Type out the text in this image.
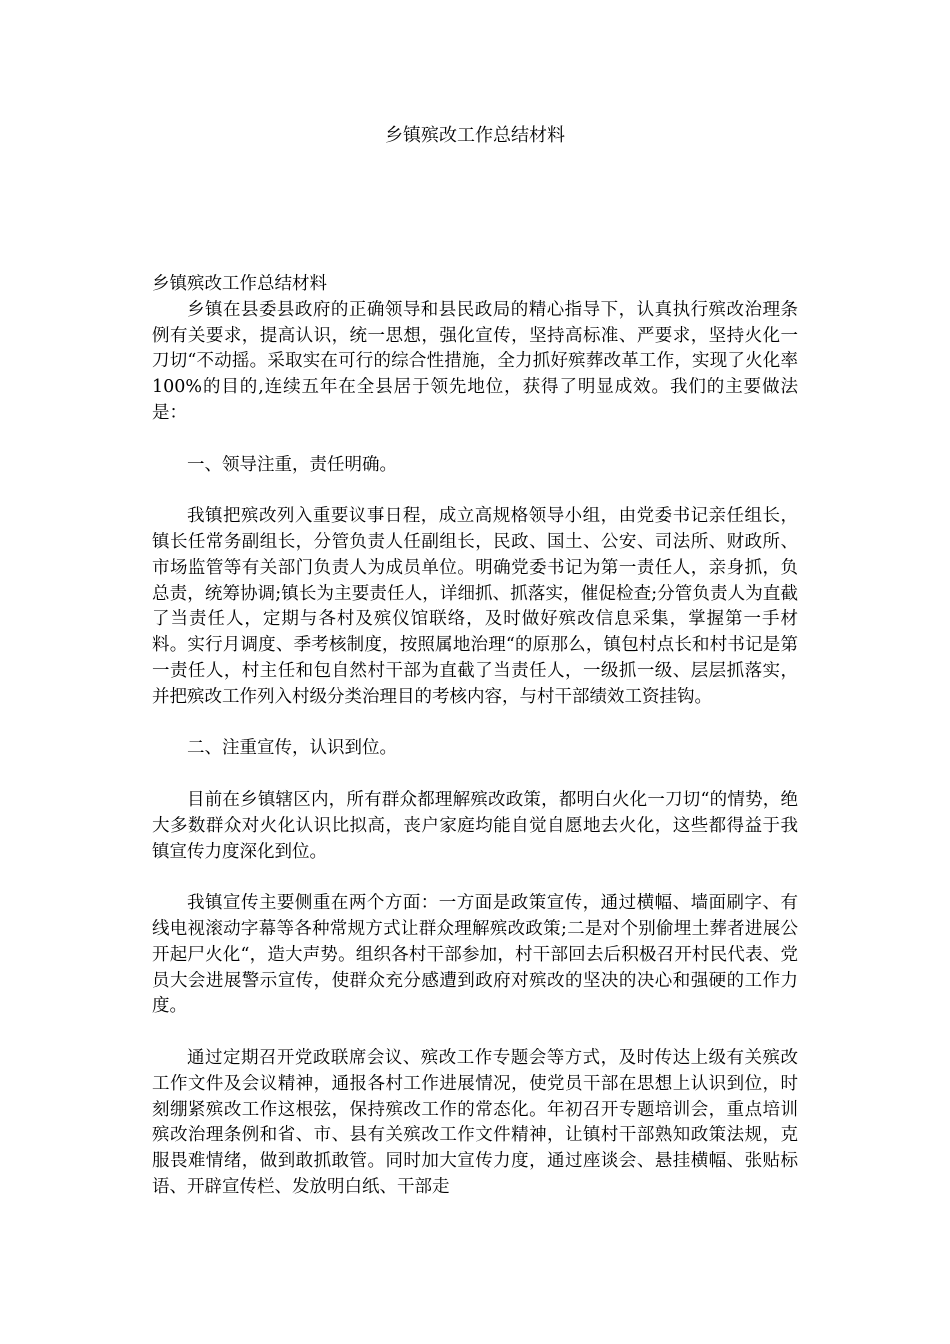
乡镇殡改工作总结材料

乡镇殡改工作总结材料

乡镇在县委县政府的正确领导和县民政局的精心指导下，认真执行殡改治理条例有关要求，提高认识，统一思想，强化宣传，坚持高标准、严要求，坚持火化一刀切“不动摇。采取实在可行的综合性措施，全力抓好殡葬改革工作，实现了火化率100%的目的,连续五年在全县居于领先地位，获得了明显成效。我们的主要做法是：

一、领导注重，责任明确。

我镇把殡改列入重要议事日程，成立高规格领导小组，由党委书记亲任组长，镇长任常务副组长，分管负责人任副组长，民政、国土、公安、司法所、财政所、市场监管等有关部门负责人为成员单位。明确党委书记为第一责任人，亲身抓，负总责，统筹协调;镇长为主要责任人，详细抓、抓落实，催促检查;分管负责人为直截了当责任人，定期与各村及殡仪馆联络，及时做好殡改信息采集，掌握第一手材料。实行月调度、季考核制度，按照属地治理“的原那么，镇包村点长和村书记是第一责任人，村主任和包自然村干部为直截了当责任人，一级抓一级、层层抓落实，并把殡改工作列入村级分类治理目的考核内容，与村干部绩效工资挂钩。

二、注重宣传，认识到位。

目前在乡镇辖区内，所有群众都理解殡改政策，都明白火化一刀切“的情势，绝大多数群众对火化认识比拟高，丧户家庭均能自觉自愿地去火化，这些都得益于我镇宣传力度深化到位。

我镇宣传主要侧重在两个方面：一方面是政策宣传，通过横幅、墙面刷字、有线电视滚动字幕等各种常规方式让群众理解殡改政策;二是对个别偷埋土葬者进展公开起尸火化“，造大声势。组织各村干部参加，村干部回去后积极召开村民代表、党员大会进展警示宣传，使群众充分感遭到政府对殡改的坚决的决心和强硬的工作力度。

通过定期召开党政联席会议、殡改工作专题会等方式，及时传达上级有关殡改工作文件及会议精神，通报各村工作进展情况，使党员干部在思想上认识到位，时刻绷紧殡改工作这根弦，保持殡改工作的常态化。年初召开专题培训会，重点培训殡改治理条例和省、市、县有关殡改工作文件精神，让镇村干部熟知政策法规，克服畏难情绪，做到敢抓敢管。同时加大宣传力度，通过座谈会、悬挂横幅、张贴标语、开辟宣传栏、发放明白纸、干部走
